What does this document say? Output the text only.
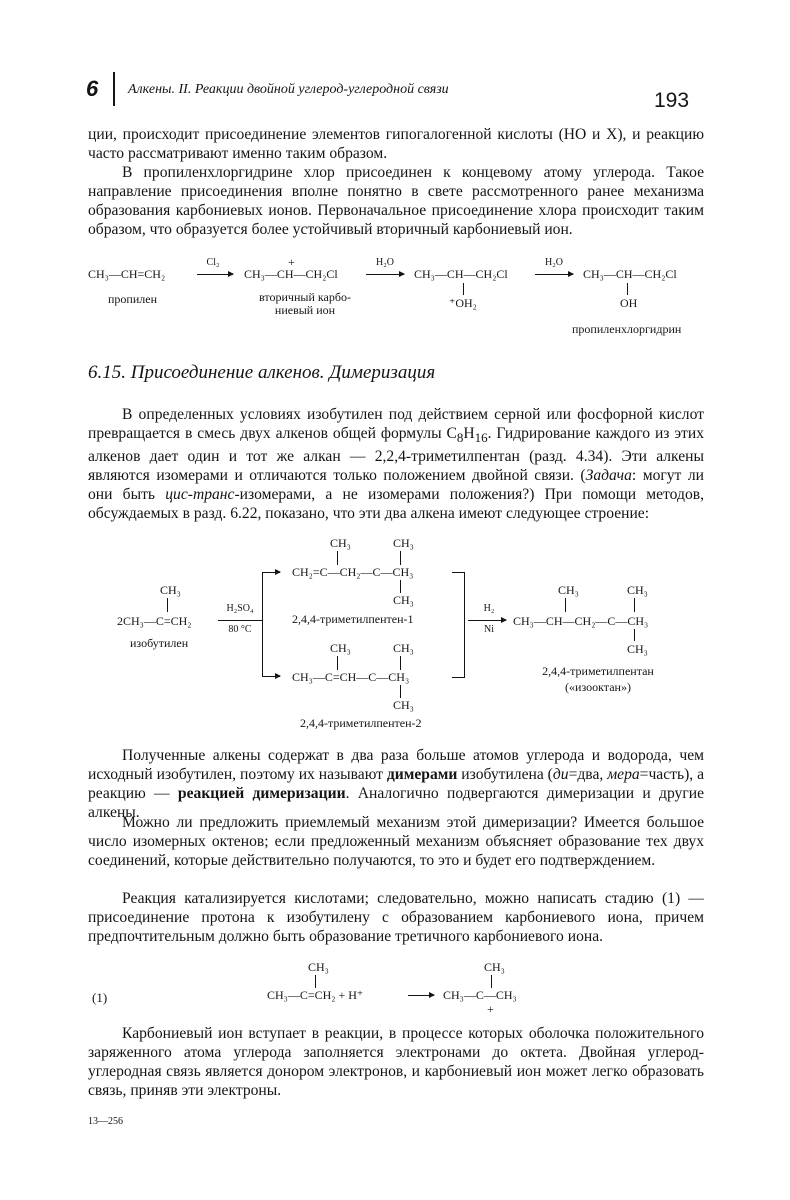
6 Алкены. II. Реакции двойной углерод-углеродной связи	193
ции, происходит присоединение элементов гипогалогенной кислоты (HO и X), и реакцию часто рассматривают именно таким образом.
В пропиленхлоргидрине хлор присоединен к концевому атому углерода. Такое направление присоединения вполне понятно в свете рассмотренного ранее механизма образования карбониевых ионов. Первоначальное присоединение хлора происходит таким образом, что образуется более устойчивый вторичный карбониевый ион.
CH₃—CH=CH₂
пропилен
Cl₂	+
CH₃—CH—CH₂Cl
вторичный карбо-
ниевый ион
H₂O
→ CH₃—CH—CH₂Cl
⁺OH₂
H₂O
→ CH₃—CH—CH₂Cl
OH
пропиленхлоргидрин
6.15. Присоединение алкенов. Димеризация
В определенных условиях изобутилен под действием серной или фосфорной кислот превращается в смесь двух алкенов общей формулы $C_8H_{16}$. Гидрирование каждого из этих алкенов дает один и тот же алкан — 2,2,4-триметилпентан (разд. 4.34). Эти алкены являются изомерами и отличаются только положением двойной связи. (Задача: могут ли они быть цис-транс-изомерами, а не изомерами положения?) При помощи методов, обсуждаемых в разд. 6.22, показано, что эти два алкена имеют следующее строение:
CH₃
2CH₃—C=CH₂
изобутилен
H₂SO₄
80 °C
CH₃	CH₃
CH₂=C—CH₂—C—CH₃
CH₃
2,4,4-триметилпентен-1
CH₃	CH₃
CH₃—C=CH—C—CH₃
CH₃
2,4,4-триметилпентен-2
H₂
Ni
CH₃	CH₃
CH₃—CH—CH₂—C—CH₃
CH₃
2,4,4-триметилпентан
(«изооктан»)
Полученные алкены содержат в два раза больше атомов углерода и водорода, чем исходный изобутилен, поэтому их называют димерами изобутилена (ди=два, мера=часть), а реакцию — реакцией димеризации. Аналогично подвергаются димеризации и другие алкены.
Можно ли предложить приемлемый механизм этой димеризации? Имеется большое число изомерных октенов; если предложенный механизм объясняет образование тех двух соединений, которые действительно получаются, то это и будет его подтверждением.
Реакция катализируется кислотами; следовательно, можно написать стадию (1) — присоединение протона к изобутилену с образованием карбониевого иона, причем предпочтительным должно быть образование третичного карбониевого иона.
(1)
CH₃
CH₃—C=CH₂ + H⁺
CH₃
CH₃—C—CH₃
+
Карбониевый ион вступает в реакции, в процессе которых оболочка положительного заряженного атома углерода заполняется электронами до октета. Двойная углерод-углеродная связь является донором электронов, и карбониевый ион может легко образовать связь, приняв эти электроны.
13—256
